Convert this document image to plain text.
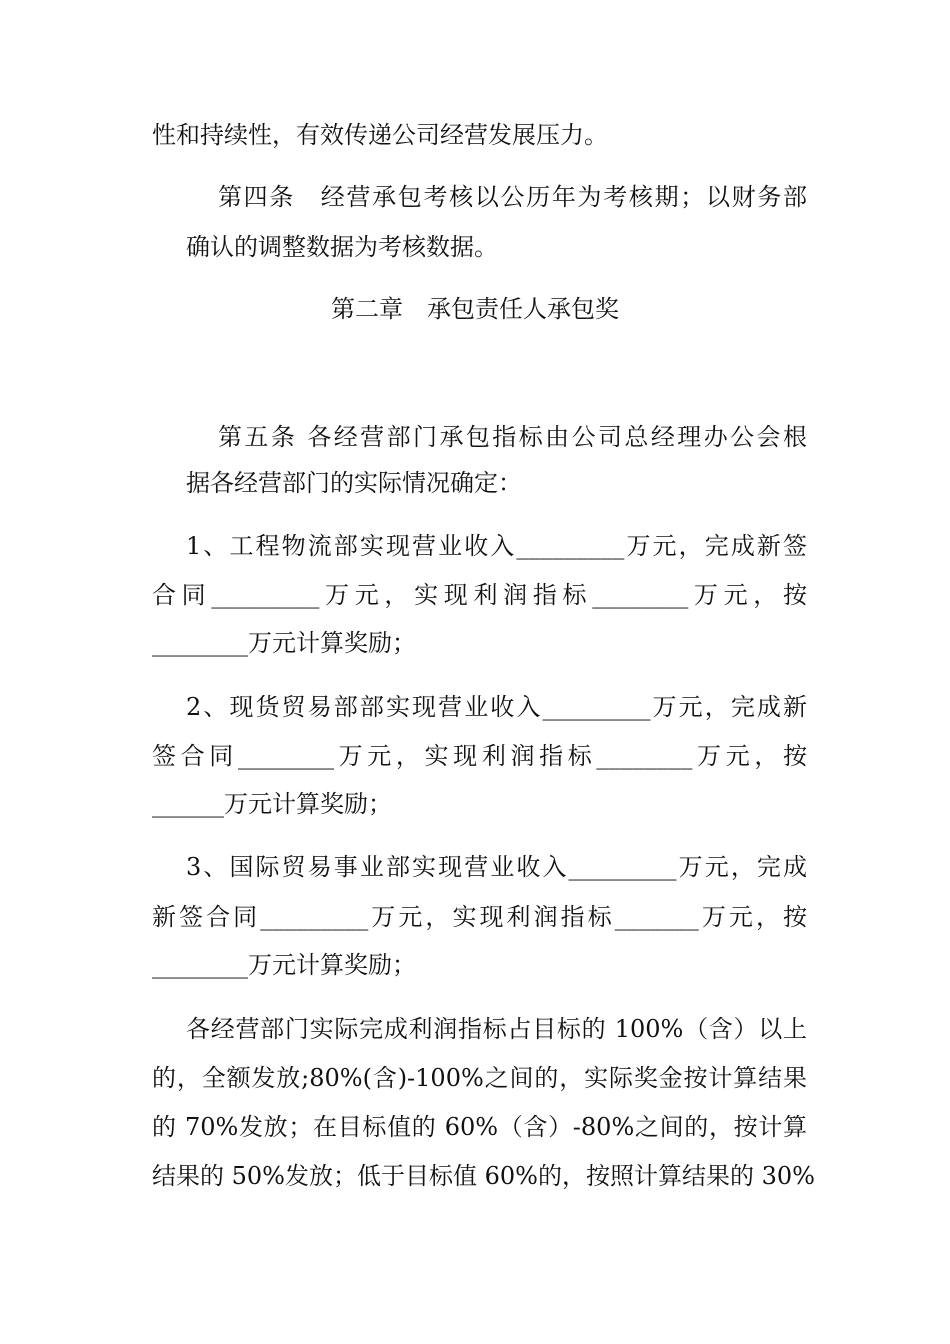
性和持续性，有效传递公司经营发展压力。

第四条　经营承包考核以公历年为考核期；以财务部

确认的调整数据为考核数据。

第二章　承包责任人承包奖

第五条 各经营部门承包指标由公司总经理办公会根

据各经营部门的实际情况确定：

1、工程物流部实现营业收入_________万元，完成新签

合同_________万元，实现利润指标________万元，按

________万元计算奖励；

2、现货贸易部部实现营业收入_________万元，完成新

签合同________万元，实现利润指标________万元，按

______万元计算奖励；

3、国际贸易事业部实现营业收入_________万元，完成

新签合同_________万元，实现利润指标_______万元，按

________万元计算奖励；

各经营部门实际完成利润指标占目标的 100%（含）以上

的，全额发放;80%(含)-100%之间的，实际奖金按计算结果

的 70%发放；在目标值的 60%（含）-80%之间的，按计算

结果的 50%发放；低于目标值 60%的，按照计算结果的 30%
